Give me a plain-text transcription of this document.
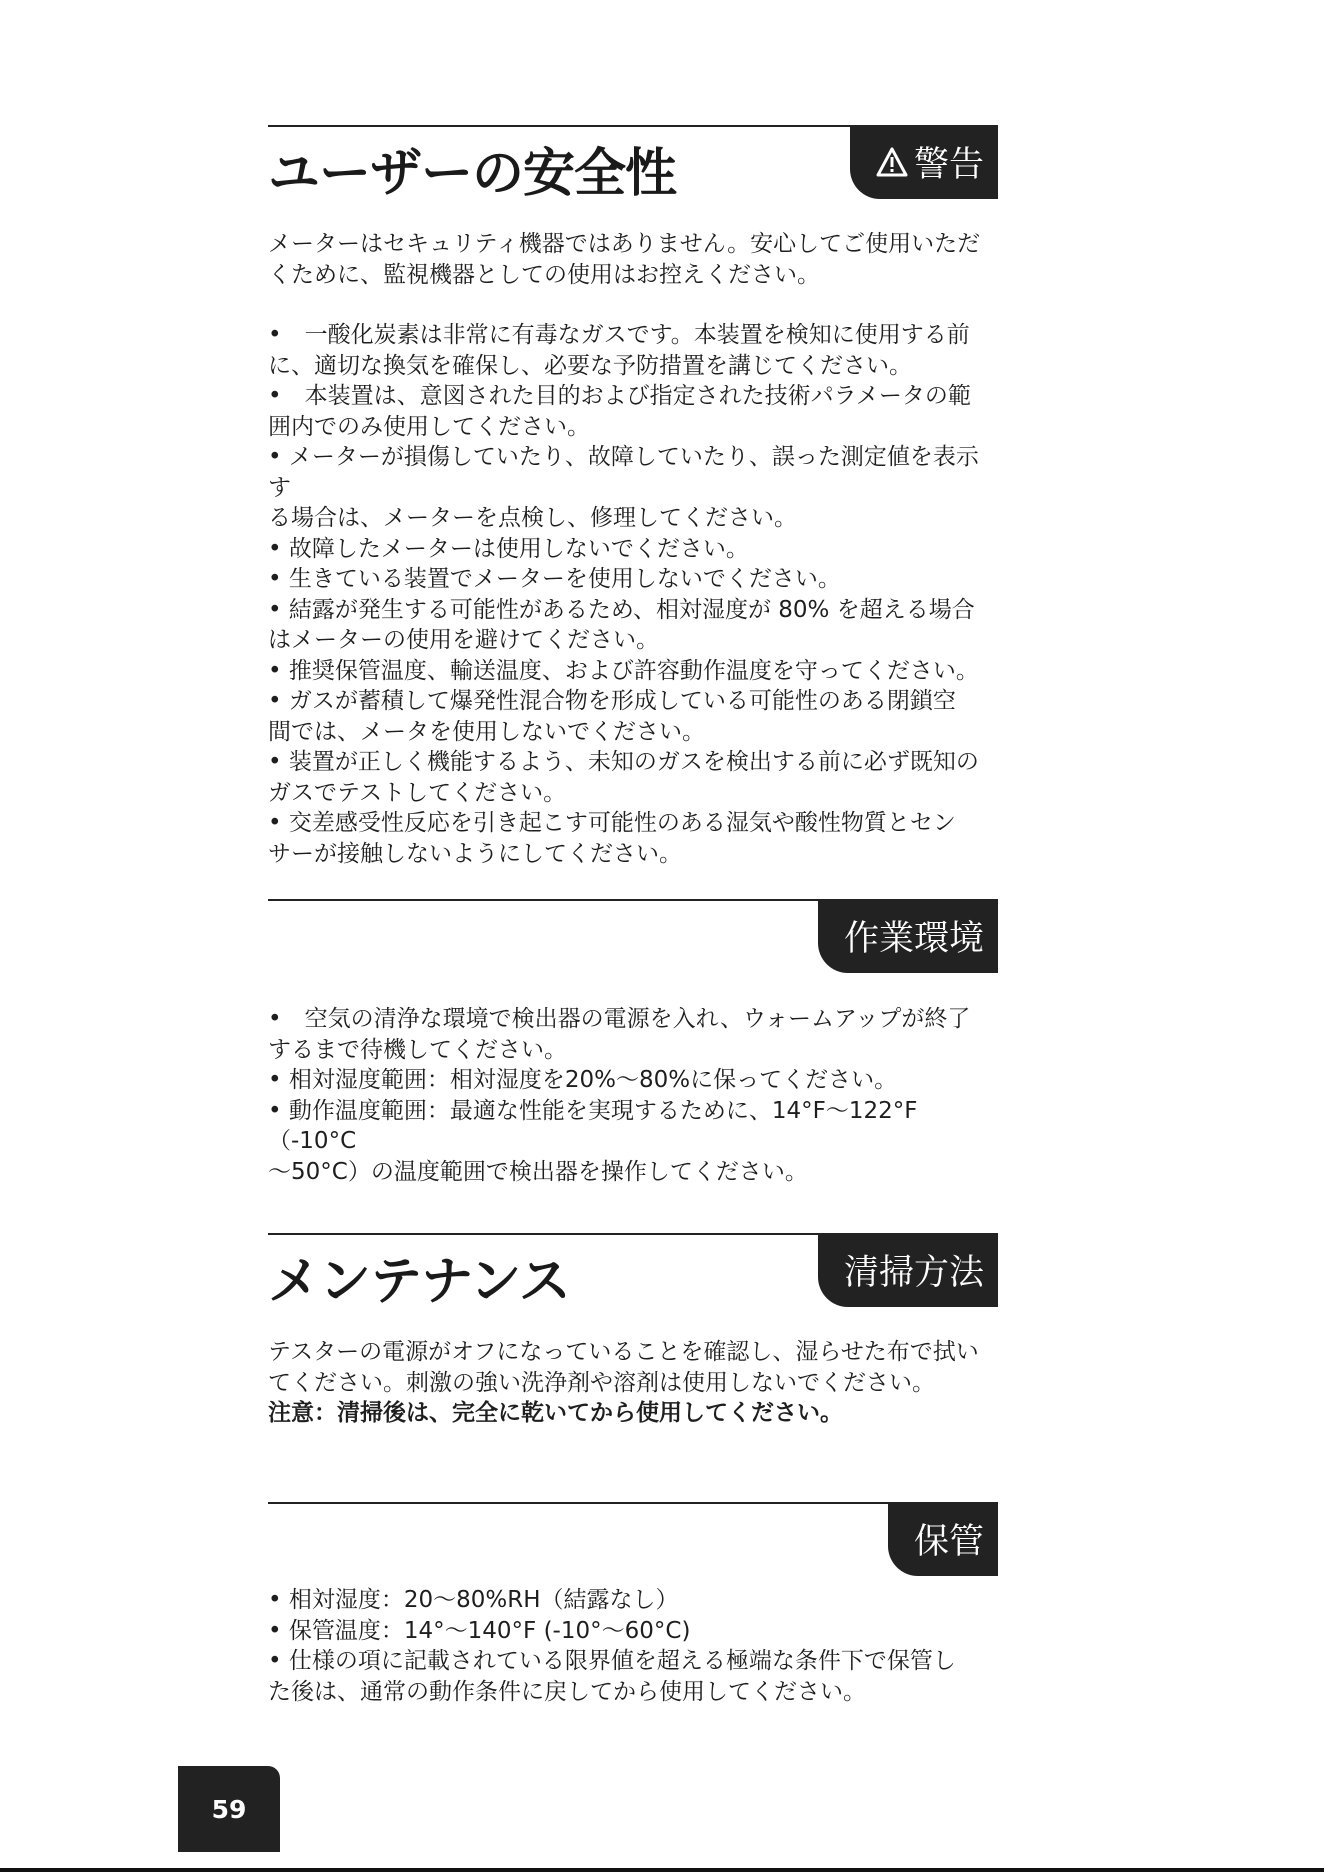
ユーザーの安全性	警告

メーターはセキュリティ機器ではありません。安心してご使用いただ

くために、監視機器としての使用はお控えください。

•　一酸化炭素は非常に有毒なガスです。本装置を検知に使用する前

に、適切な換気を確保し、必要な予防措置を講じてください。

•　本装置は、意図された目的および指定された技術パラメータの範

囲内でのみ使用してください。

• メーターが損傷していたり、故障していたり、誤った測定値を表示す

る場合は、メーターを点検し、修理してください。

• 故障したメーターは使用しないでください。

• 生きている装置でメーターを使用しないでください。

• 結露が発生する可能性があるため、相対湿度が 80% を超える場合

はメーターの使用を避けてください。

• 推奨保管温度、輸送温度、および許容動作温度を守ってください。

• ガスが蓄積して爆発性混合物を形成している可能性のある閉鎖空

間では、メータを使用しないでください。

• 装置が正しく機能するよう、未知のガスを検出する前に必ず既知の

ガスでテストしてください。

• 交差感受性反応を引き起こす可能性のある湿気や酸性物質とセン

サーが接触しないようにしてください。

作業環境

•　空気の清浄な環境で検出器の電源を入れ、ウォームアップが終了

するまで待機してください。

• 相対湿度範囲：相対湿度を20%〜80%に保ってください。

• 動作温度範囲：最適な性能を実現するために、14°F〜122°F（-10°C

〜50°C）の温度範囲で検出器を操作してください。

メンテナンス	清掃方法

テスターの電源がオフになっていることを確認し、湿らせた布で拭い

てください。刺激の強い洗浄剤や溶剤は使用しないでください。

注意：清掃後は、完全に乾いてから使用してください。

保管

• 相対湿度：20〜80%RH（結露なし）

• 保管温度：14°〜140°F (-10°〜60°C)

• 仕様の項に記載されている限界値を超える極端な条件下で保管し

た後は、通常の動作条件に戻してから使用してください。

59
